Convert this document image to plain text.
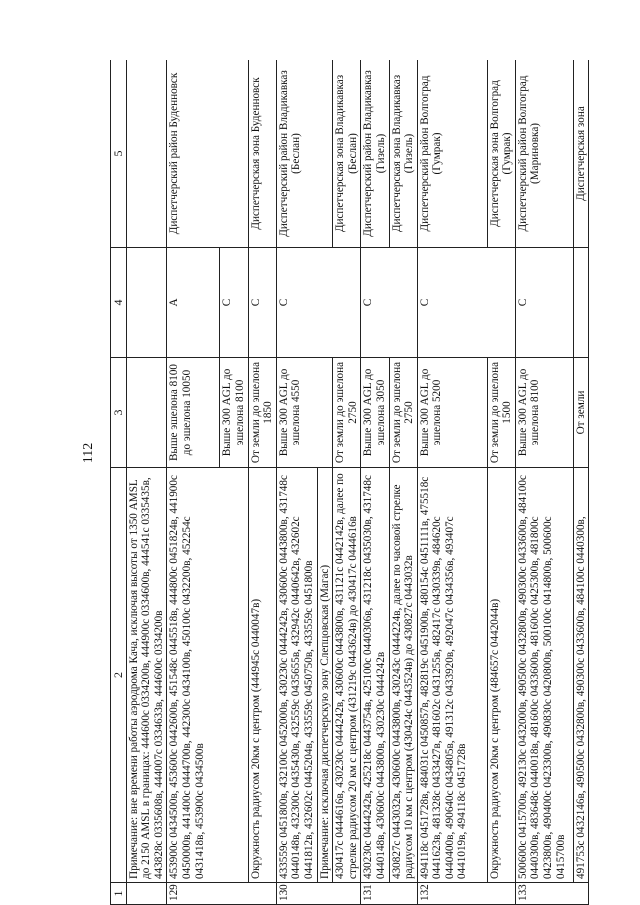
112
1	2	3	4	5
	Примечание: вне времени работы аэродрома Кача, исключая высоты от 1350 AMSL до 2150 AMSL в границах: 444600с 0334200в, 444900с 0334600в, 444541с 0335435в, 443828с 0335608в, 444007с 0334633в, 444600с 0334200в			
129	453900с 0434500в, 453600с 0442600в, 451548с 0445518в, 444800с 0451824в, 441900с 0450000в, 441400с 0444700в, 442300с 0434100в, 450100с 0432200в, 452254с 0431418в, 453900с 0434500в	Выше эшелона 8100 до эшелона 10050	A	Диспетчерский район Буденновск
		Выше 300 AGL до эшелона 8100	C	
	Окружность радиусом 20км с центром (444945с 0440047в)	От земли до эшелона 1850	C	Диспетчерская зона Буденновск
130	433559с 0451800в, 432100с 0452000в, 430230с 0444242в, 430600с 0443800в, 431748с 0440148в, 432300с 0435430в, 432559с 0435655в, 432942с 0440642в, 432602с 0441812в, 432602с 0445204в, 433559с 0450750в, 433559с 0451800в	Выше 300 AGL до эшелона 4550	C	Диспетчерский район Владикавказ (Беслан)
	Примечание: исключая диспетчерскую зону Слепцовская (Магас)			
	430417с 0444616в, 430230с 0444242в, 430600с 0443800в, 431121с 0442142в, далее по стрелке радиусом 20 км с центром (431219с 0443624в) до 430417с 0444616в	От земли до эшелона 2750		Диспетчерская зона Владикавказ (Беслан)
131	430230с 0444242в, 425218с 0443754в, 425100с 0440306в, 431218с 0435030в, 431748с 0440148в, 430600с 0443800в, 430230с 0444242в	Выше 300 AGL до эшелона 3050	C	Диспетчерский район Владикавказ (Гизель)
	430827с 0443032в, 430600с 0443800в, 430243с 0444224в, далее по часовой стрелке радиусом 10 км с центром (430424с 0443524в) до 430827с 0443032в	От земли до эшелона 2750		Диспетчерская зона Владикавказ (Гизель)
132	494118с 0451728в, 484031с 0450857в, 482819с 0451900в, 480154с 0451111в, 475518с 0441623в, 481328с 0433427в, 481602с 0431255в, 482417с 0430339в, 484620с 0440400в, 490640с 0434805в, 491312с 0433920в, 492047с 0434356в, 493407с 0441019в, 494118с 0451728в	Выше 300 AGL до эшелона 5200	C	Диспетчерский район Волгоград (Гумрак)
	Окружность радиусом 20км с центром (484657с 0442044в)	От земли до эшелона 1500		Диспетчерская зона Волгоград (Гумрак)
133	500600с 0415700в, 492130с 0432000в, 490500с 0432800в, 490300с 0433600в, 484100с 0440300в, 483648с 0440018в, 481600с 0433600в, 481600с 0425300в, 481800с 0423800в, 490400с 0423300в, 490830с 0420800в, 500100с 0414800в, 500600с 0415700в	Выше 300 AGL до эшелона 8100	C	Диспетчерский район Волгоград (Мариновка)
	491753с 0432146в, 490500с 0432800в, 490300с 0433600в, 484100с 0440300в,	От земли		Диспетчерская зона
